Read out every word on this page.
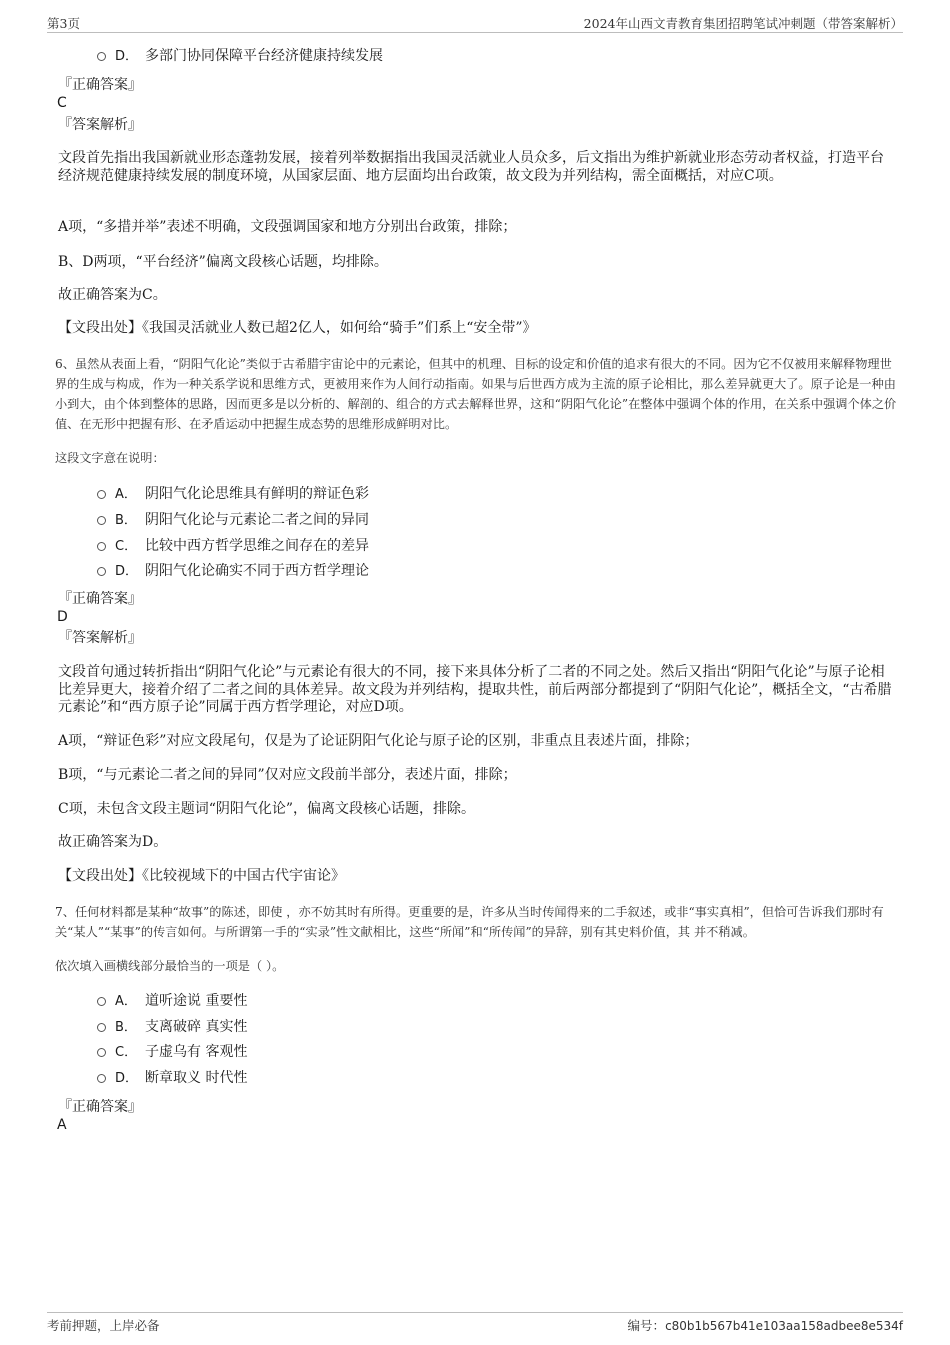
第3页	2024年山西文青教育集团招聘笔试冲刺题（带答案解析）
D． 多部门协同保障平台经济健康持续发展
『正确答案』
C
『答案解析』
文段首先指出我国新就业形态蓬勃发展，接着列举数据指出我国灵活就业人员众多，后文指出为维护新就业形态劳动者权益，打造平台经济规范健康持续发展的制度环境，从国家层面、地方层面均出台政策，故文段为并列结构，需全面概括，对应C项。
A项，“多措并举”表述不明确，文段强调国家和地方分别出台政策，排除；
B、D两项，“平台经济”偏离文段核心话题，均排除。
故正确答案为C。
【文段出处】《我国灵活就业人数已超2亿人，如何给“骑手”们系上“安全带”》
6、虽然从表面上看，“阴阳气化论”类似于古希腊宇宙论中的元素论，但其中的机理、目标的设定和价值的追求有很大的不同。因为它不仅被用来解释物理世界的生成与构成，作为一种关系学说和思维方式，更被用来作为人间行动指南。如果与后世西方成为主流的原子论相比，那么差异就更大了。原子论是一种由小到大，由个体到整体的思路，因而更多是以分析的、解剖的、组合的方式去解释世界，这和“阴阳气化论”在整体中强调个体的作用，在关系中强调个体之价值、在无形中把握有形、在矛盾运动中把握生成态势的思维形成鲜明对比。
这段文字意在说明：
A． 阴阳气化论思维具有鲜明的辩证色彩
B． 阴阳气化论与元素论二者之间的异同
C． 比较中西方哲学思维之间存在的差异
D． 阴阳气化论确实不同于西方哲学理论
『正确答案』
D
『答案解析』
文段首句通过转折指出“阴阳气化论”与元素论有很大的不同，接下来具体分析了二者的不同之处。然后又指出“阴阳气化论”与原子论相比差异更大，接着介绍了二者之间的具体差异。故文段为并列结构，提取共性，前后两部分都提到了“阴阳气化论”，概括全文，“古希腊元素论”和“西方原子论”同属于西方哲学理论，对应D项。
A项，“辩证色彩”对应文段尾句，仅是为了论证阴阳气化论与原子论的区别，非重点且表述片面，排除；
B项，“与元素论二者之间的异同”仅对应文段前半部分，表述片面，排除；
C项，未包含文段主题词“阴阳气化论”，偏离文段核心话题，排除。
故正确答案为D。
【文段出处】《比较视域下的中国古代宇宙论》
7、任何材料都是某种“故事”的陈述，即使 ，亦不妨其时有所得。更重要的是，许多从当时传闻得来的二手叙述，或非“事实真相”，但恰可告诉我们那时有关“某人”“某事”的传言如何。与所谓第一手的“实录”性文献相比，这些“所闻”和“所传闻”的异辞，别有其史料价值，其 并不稍减。
依次填入画横线部分最恰当的一项是（ ）。
A． 道听途说 重要性
B． 支离破碎 真实性
C． 子虚乌有 客观性
D． 断章取义 时代性
『正确答案』
A
考前押题，上岸必备	编号：c80b1b567b41e103aa158adbee8e534f
